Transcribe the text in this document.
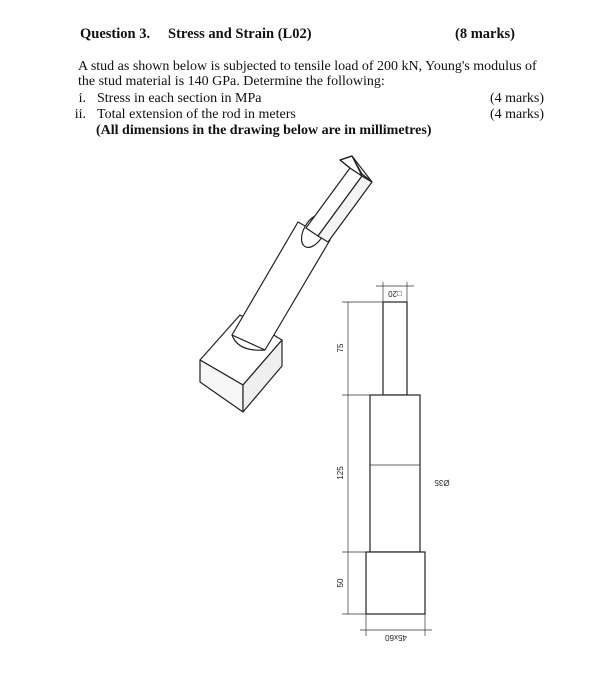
Question 3. Stress and Strain (L02)	(8 marks)
A stud as shown below is subjected to tensile load of 200 kN, Young's modulus of
the stud material is 140 GPa. Determine the following:
i. Stress in each section in MPa	(4 marks)
ii. Total extension of the rod in meters	(4 marks)
(All dimensions in the drawing below are in millimetres)
□20
75
125
Ø35
50
45x60
